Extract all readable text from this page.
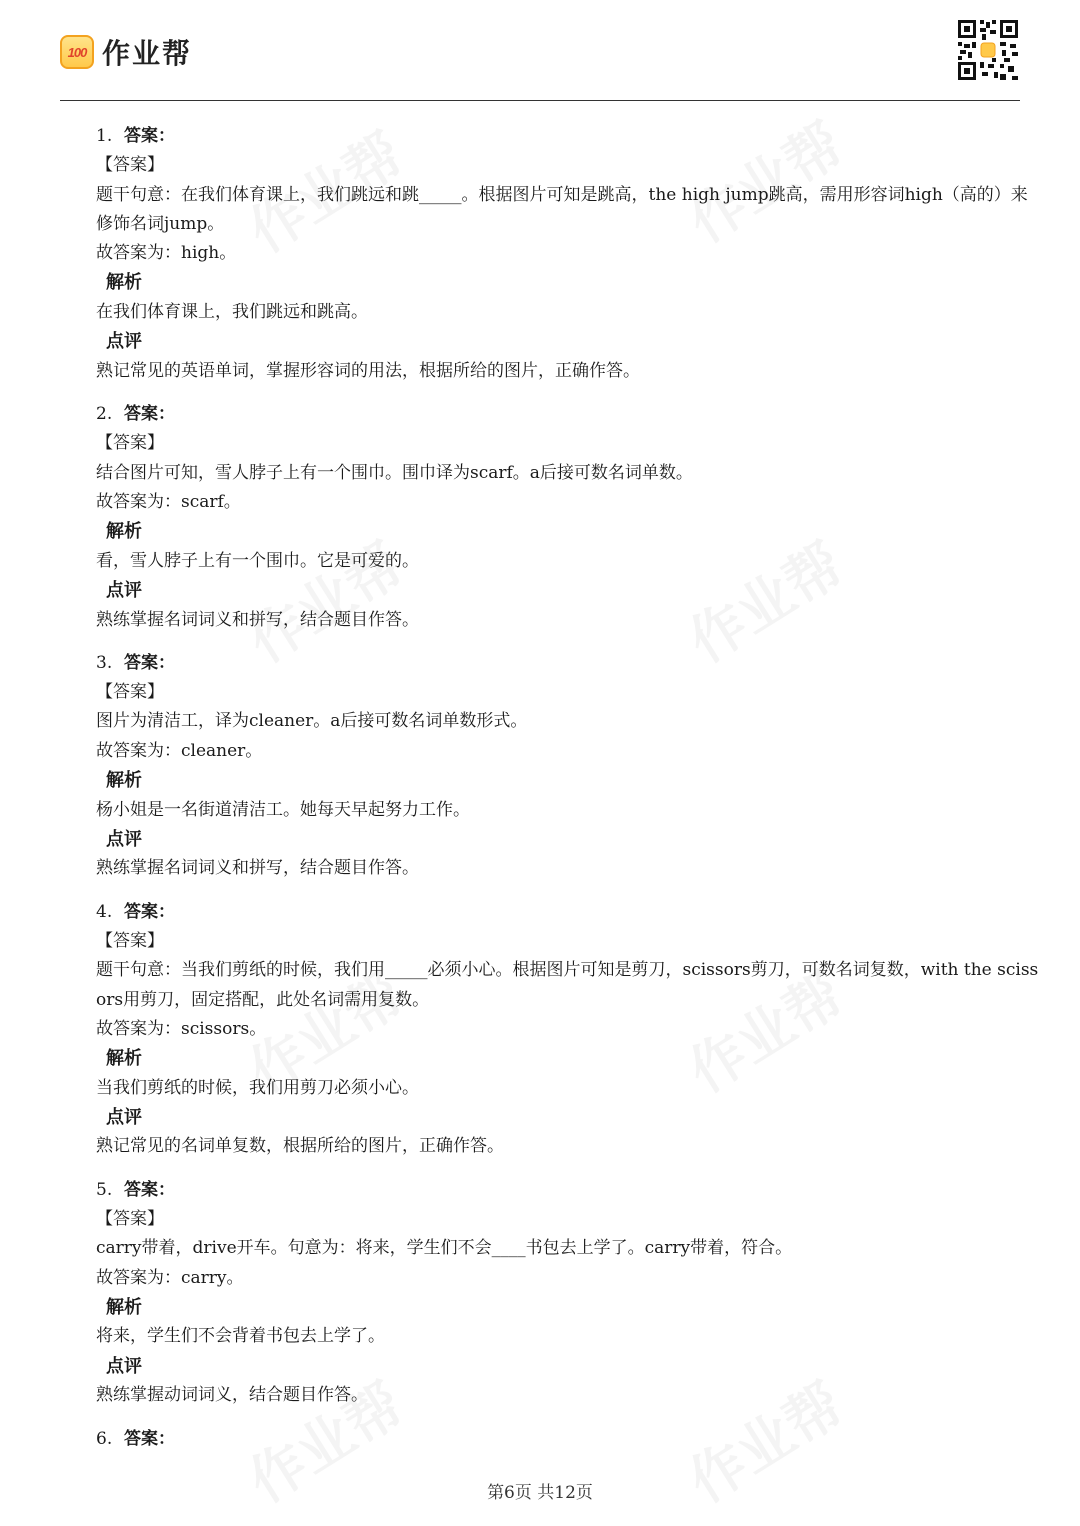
100 作业帮
1. 答案：
【答案】
题干句意：在我们体育课上，我们跳远和跳_____。根据图片可知是跳高，the high jump跳高，需用形容词high（高的）来修饰名词jump。
故答案为：high。
解析
在我们体育课上，我们跳远和跳高。
点评
熟记常见的英语单词，掌握形容词的用法，根据所给的图片，正确作答。
2. 答案：
【答案】
结合图片可知，雪人脖子上有一个围巾。围巾译为scarf。a后接可数名词单数。
故答案为：scarf。
解析
看，雪人脖子上有一个围巾。它是可爱的。
点评
熟练掌握名词词义和拼写，结合题目作答。
3. 答案：
【答案】
图片为清洁工，译为cleaner。a后接可数名词单数形式。
故答案为：cleaner。
解析
杨小姐是一名街道清洁工。她每天早起努力工作。
点评
熟练掌握名词词义和拼写，结合题目作答。
4. 答案：
【答案】
题干句意：当我们剪纸的时候，我们用_____必须小心。根据图片可知是剪刀，scissors剪刀，可数名词复数，with the scissors用剪刀，固定搭配，此处名词需用复数。
故答案为：scissors。
解析
当我们剪纸的时候，我们用剪刀必须小心。
点评
熟记常见的名词单复数，根据所给的图片，正确作答。
5. 答案：
【答案】
carry带着，drive开车。句意为：将来，学生们不会____书包去上学了。carry带着，符合。
故答案为：carry。
解析
将来，学生们不会背着书包去上学了。
点评
熟练掌握动词词义，结合题目作答。
6. 答案：
第6页 共12页
